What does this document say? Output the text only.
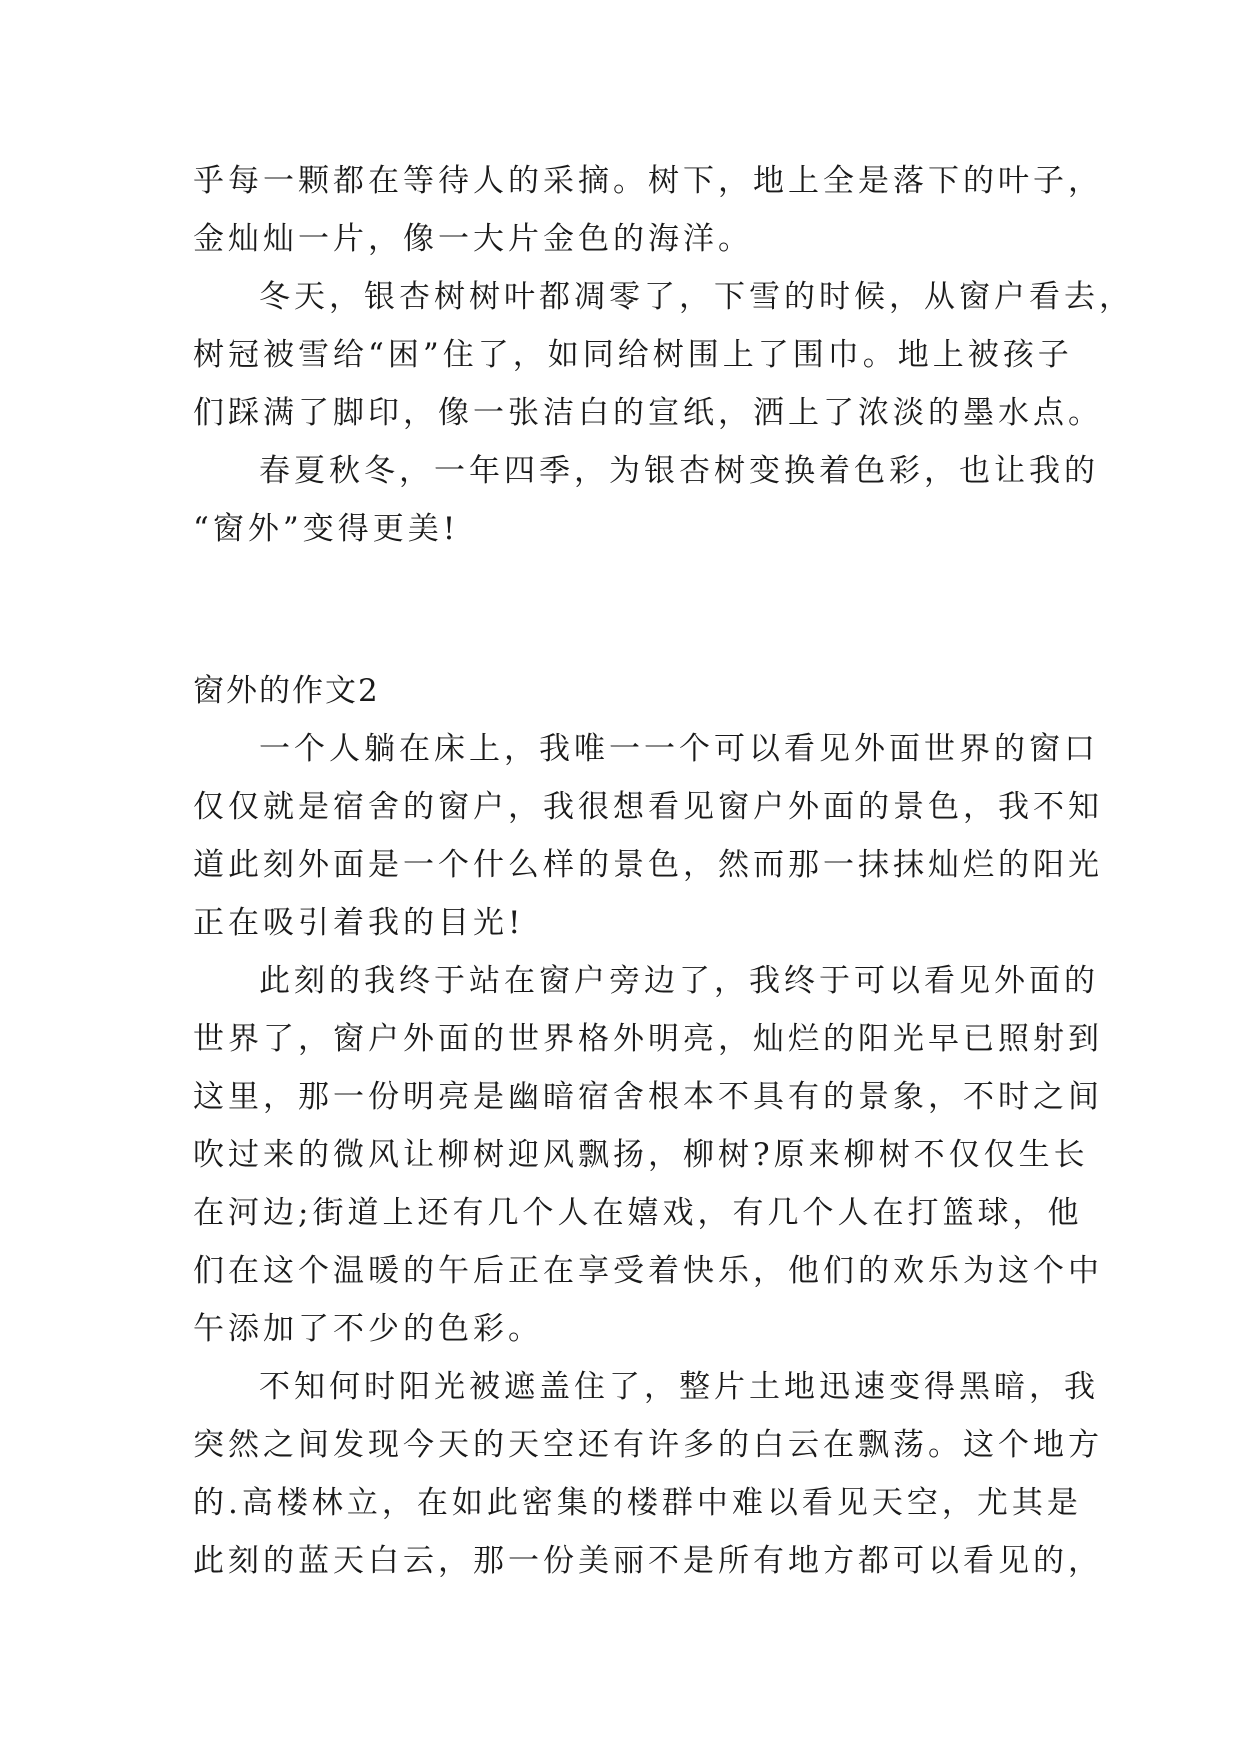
乎每一颗都在等待人的采摘。树下，地上全是落下的叶子，
金灿灿一片，像一大片金色的海洋。
冬天，银杏树树叶都凋零了，下雪的时候，从窗户看去，
树冠被雪给“困”住了，如同给树围上了围巾。地上被孩子
们踩满了脚印，像一张洁白的宣纸，洒上了浓淡的墨水点。
春夏秋冬，一年四季，为银杏树变换着色彩，也让我的
“窗外”变得更美!
窗外的作文2
一个人躺在床上，我唯一一个可以看见外面世界的窗口
仅仅就是宿舍的窗户，我很想看见窗户外面的景色，我不知
道此刻外面是一个什么样的景色，然而那一抹抹灿烂的阳光
正在吸引着我的目光!
此刻的我终于站在窗户旁边了，我终于可以看见外面的
世界了，窗户外面的世界格外明亮，灿烂的阳光早已照射到
这里，那一份明亮是幽暗宿舍根本不具有的景象，不时之间
吹过来的微风让柳树迎风飘扬，柳树?原来柳树不仅仅生长
在河边;街道上还有几个人在嬉戏，有几个人在打篮球，他
们在这个温暖的午后正在享受着快乐，他们的欢乐为这个中
午添加了不少的色彩。
不知何时阳光被遮盖住了，整片土地迅速变得黑暗，我
突然之间发现今天的天空还有许多的白云在飘荡。这个地方
的.高楼林立，在如此密集的楼群中难以看见天空，尤其是
此刻的蓝天白云，那一份美丽不是所有地方都可以看见的，
